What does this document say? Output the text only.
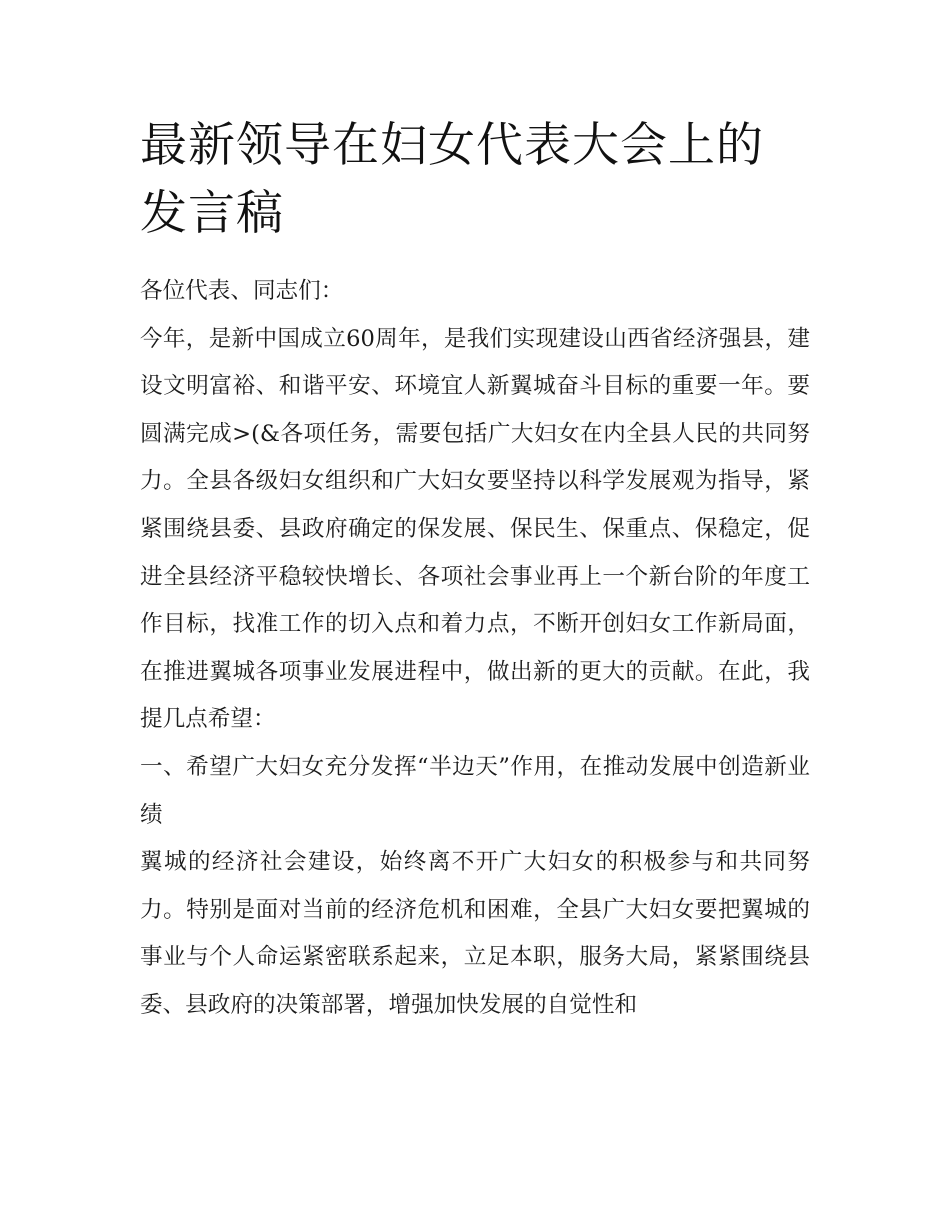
最新领导在妇女代表大会上的发言稿

各位代表、同志们：

今年，是新中国成立60周年，是我们实现建设山西省经济强县，建设文明富裕、和谐平安、环境宜人新翼城奋斗目标的重要一年。要圆满完成>(&各项任务，需要包括广大妇女在内全县人民的共同努力。全县各级妇女组织和广大妇女要坚持以科学发展观为指导，紧紧围绕县委、县政府确定的保发展、保民生、保重点、保稳定，促进全县经济平稳较快增长、各项社会事业再上一个新台阶的年度工作目标，找准工作的切入点和着力点，不断开创妇女工作新局面，在推进翼城各项事业发展进程中，做出新的更大的贡献。在此，我提几点希望：

一、希望广大妇女充分发挥“半边天”作用，在推动发展中创造新业绩

翼城的经济社会建设，始终离不开广大妇女的积极参与和共同努力。特别是面对当前的经济危机和困难，全县广大妇女要把翼城的事业与个人命运紧密联系起来，立足本职，服务大局，紧紧围绕县委、县政府的决策部署，增强加快发展的自觉性和
